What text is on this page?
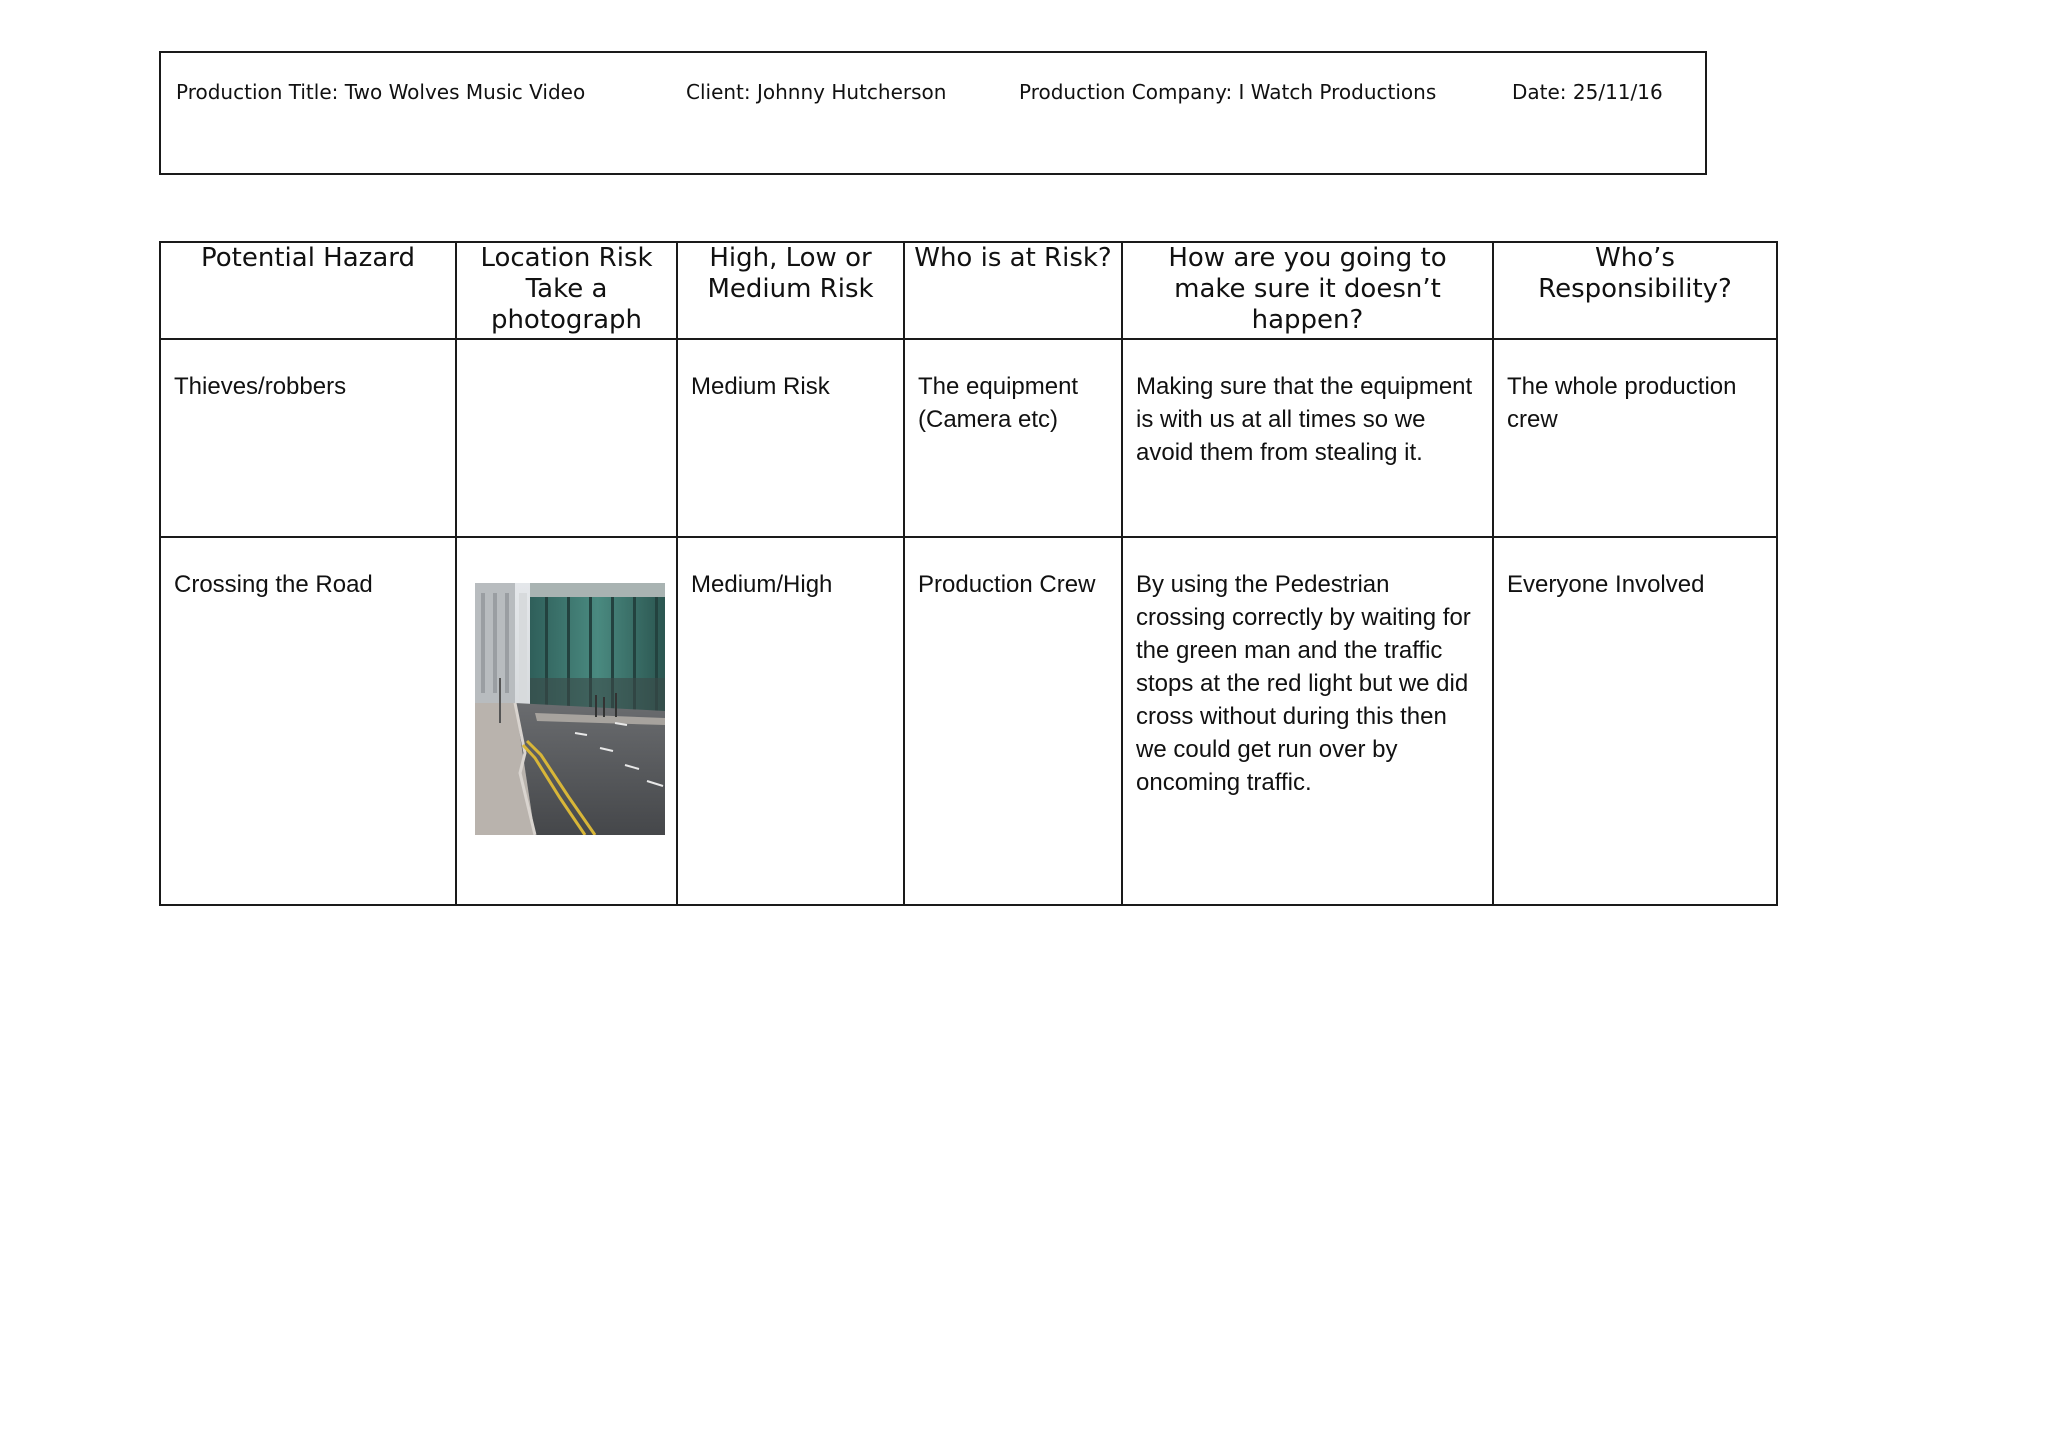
Production Title: Two Wolves Music Video	Client: Johnny Hutcherson	Production Company: I Watch Productions	Date: 25/11/16
Potential Hazard	Location Risk Take a photograph	High, Low or Medium Risk	Who is at Risk?	How are you going to make sure it doesn’t happen?	Who’s Responsibility?
Thieves/robbers		Medium Risk	The equipment (Camera etc)	Making sure that the equipment is with us at all times so we avoid them from stealing it.	The whole production crew
Crossing the Road		Medium/High	Production Crew	By using the Pedestrian crossing correctly by waiting for the green man and the traffic stops at the red light but we did cross without during this then we could get run over by oncoming traffic.	Everyone Involved
